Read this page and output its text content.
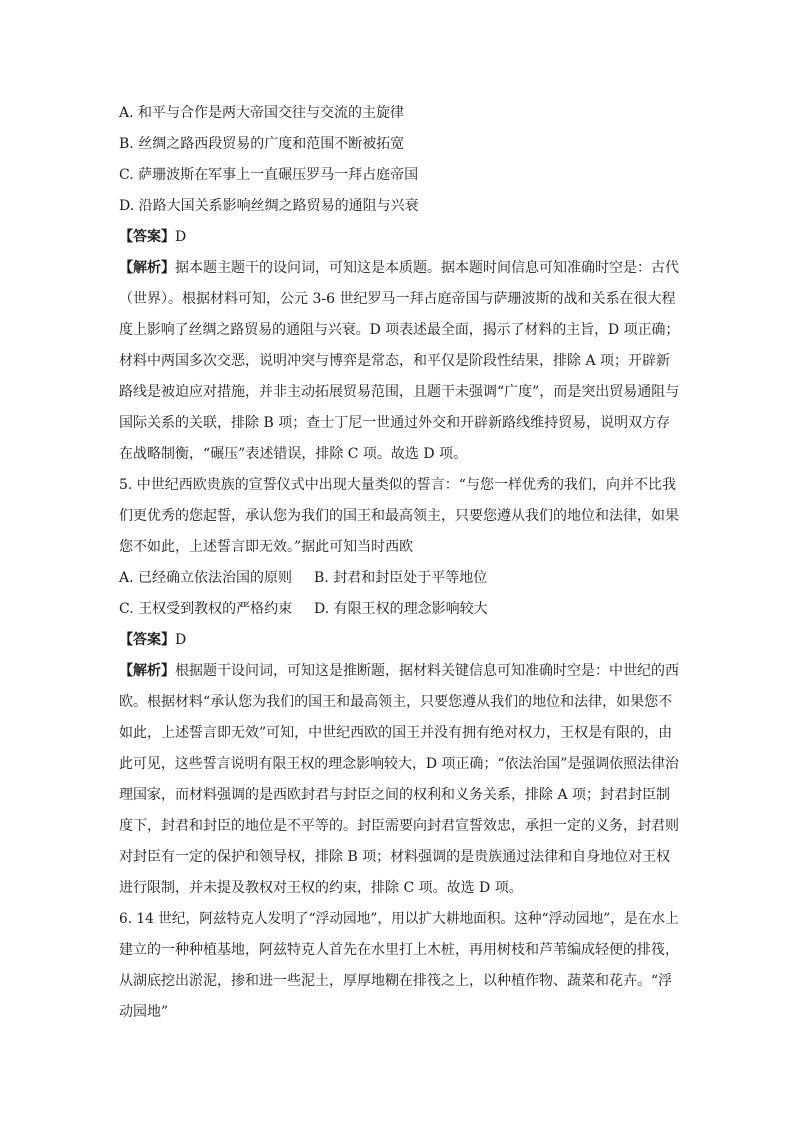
A. 和平与合作是两大帝国交往与交流的主旋律
B. 丝绸之路西段贸易的广度和范围不断被拓宽
C. 萨珊波斯在军事上一直碾压罗马一拜占庭帝国
D. 沿路大国关系影响丝绸之路贸易的通阻与兴衰
【答案】D
【解析】据本题主题干的设问词，可知这是本质题。据本题时间信息可知准确时空是：古代
（世界）。根据材料可知，公元 3-6 世纪罗马一拜占庭帝国与萨珊波斯的战和关系在很大程
度上影响了丝绸之路贸易的通阻与兴衰。D 项表述最全面，揭示了材料的主旨，D 项正确；
材料中两国多次交恶，说明冲突与博弈是常态，和平仅是阶段性结果，排除 A 项；开辟新
路线是被迫应对措施，并非主动拓展贸易范围，且题干未强调“广度”，而是突出贸易通阻与
国际关系的关联，排除 B 项；查士丁尼一世通过外交和开辟新路线维持贸易，说明双方存
在战略制衡，“碾压”表述错误，排除 C 项。故选 D 项。
5. 中世纪西欧贵族的宣誓仪式中出现大量类似的誓言：“与您一样优秀的我们，向并不比我
们更优秀的您起誓，承认您为我们的国王和最高领主，只要您遵从我们的地位和法律，如果
您不如此，上述誓言即无效。”据此可知当时西欧
A. 已经确立依法治国的原则 B. 封君和封臣处于平等地位
C. 王权受到教权的严格约束 D. 有限王权的理念影响较大
【答案】D
【解析】根据题干设问词，可知这是推断题，据材料关键信息可知准确时空是：中世纪的西
欧。根据材料“承认您为我们的国王和最高领主，只要您遵从我们的地位和法律，如果您不
如此，上述誓言即无效”可知，中世纪西欧的国王并没有拥有绝对权力，王权是有限的，由
此可见，这些誓言说明有限王权的理念影响较大，D 项正确；“依法治国”是强调依照法律治
理国家，而材料强调的是西欧封君与封臣之间的权利和义务关系，排除 A 项；封君封臣制
度下，封君和封臣的地位是不平等的。封臣需要向封君宣誓效忠，承担一定的义务，封君则
对封臣有一定的保护和领导权，排除 B 项；材料强调的是贵族通过法律和自身地位对王权
进行限制，并未提及教权对王权的约束，排除 C 项。故选 D 项。
6. 14 世纪，阿兹特克人发明了“浮动园地”，用以扩大耕地面积。这种“浮动园地”，是在水上
建立的一种种植基地，阿兹特克人首先在水里打上木桩，再用树枝和芦苇编成轻便的排筏，
从湖底挖出淤泥，掺和进一些泥土，厚厚地糊在排筏之上，以种植作物、蔬菜和花卉。“浮
动园地”
